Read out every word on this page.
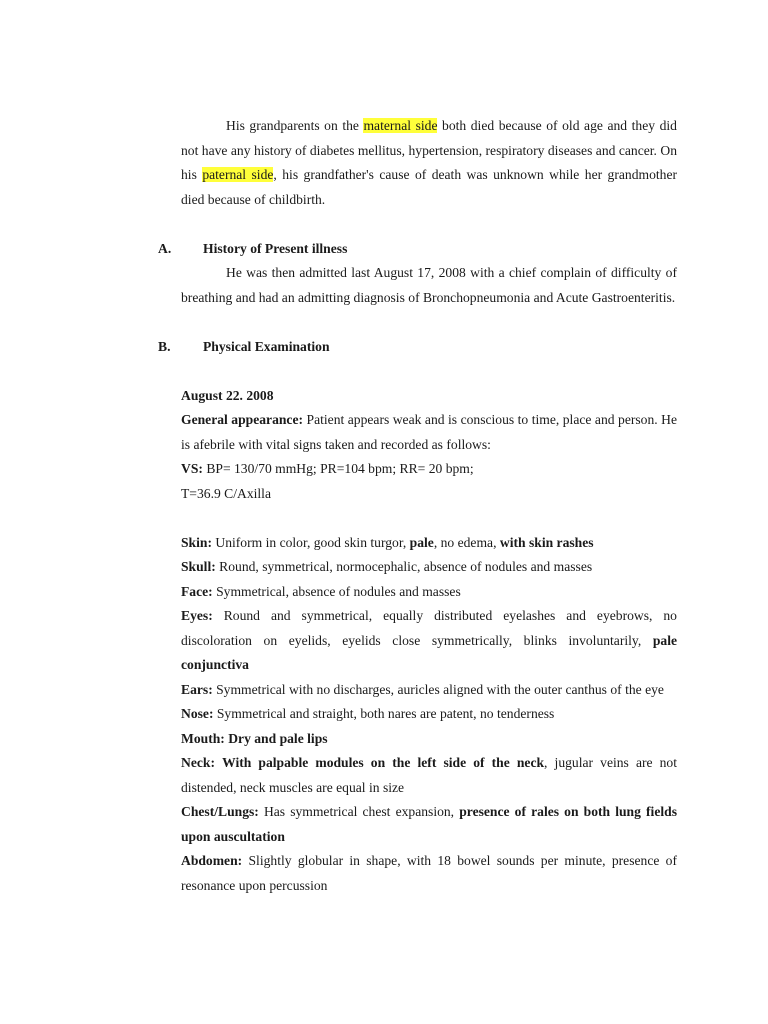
His grandparents on the maternal side both died because of old age and they did not have any history of diabetes mellitus, hypertension, respiratory diseases and cancer. On his paternal side, his grandfather's cause of death was unknown while her grandmother died because of childbirth.

A. History of Present illness

He was then admitted last August 17, 2008 with a chief complain of difficulty of breathing and had an admitting diagnosis of Bronchopneumonia and Acute Gastroenteritis.

B. Physical Examination

August 22. 2008

General appearance: Patient appears weak and is conscious to time, place and person. He is afebrile with vital signs taken and recorded as follows:

VS: BP= 130/70 mmHg; PR=104 bpm; RR= 20 bpm;

T=36.9 C/Axilla

Skin: Uniform in color, good skin turgor, pale, no edema, with skin rashes

Skull: Round, symmetrical, normocephalic, absence of nodules and masses

Face: Symmetrical, absence of nodules and masses

Eyes: Round and symmetrical, equally distributed eyelashes and eyebrows, no discoloration on eyelids, eyelids close symmetrically, blinks involuntarily, pale conjunctiva

Ears: Symmetrical with no discharges, auricles aligned with the outer canthus of the eye

Nose: Symmetrical and straight, both nares are patent, no tenderness

Mouth: Dry and pale lips

Neck: With palpable modules on the left side of the neck, jugular veins are not distended, neck muscles are equal in size

Chest/Lungs: Has symmetrical chest expansion, presence of rales on both lung fields upon auscultation

Abdomen: Slightly globular in shape, with 18 bowel sounds per minute, presence of resonance upon percussion
